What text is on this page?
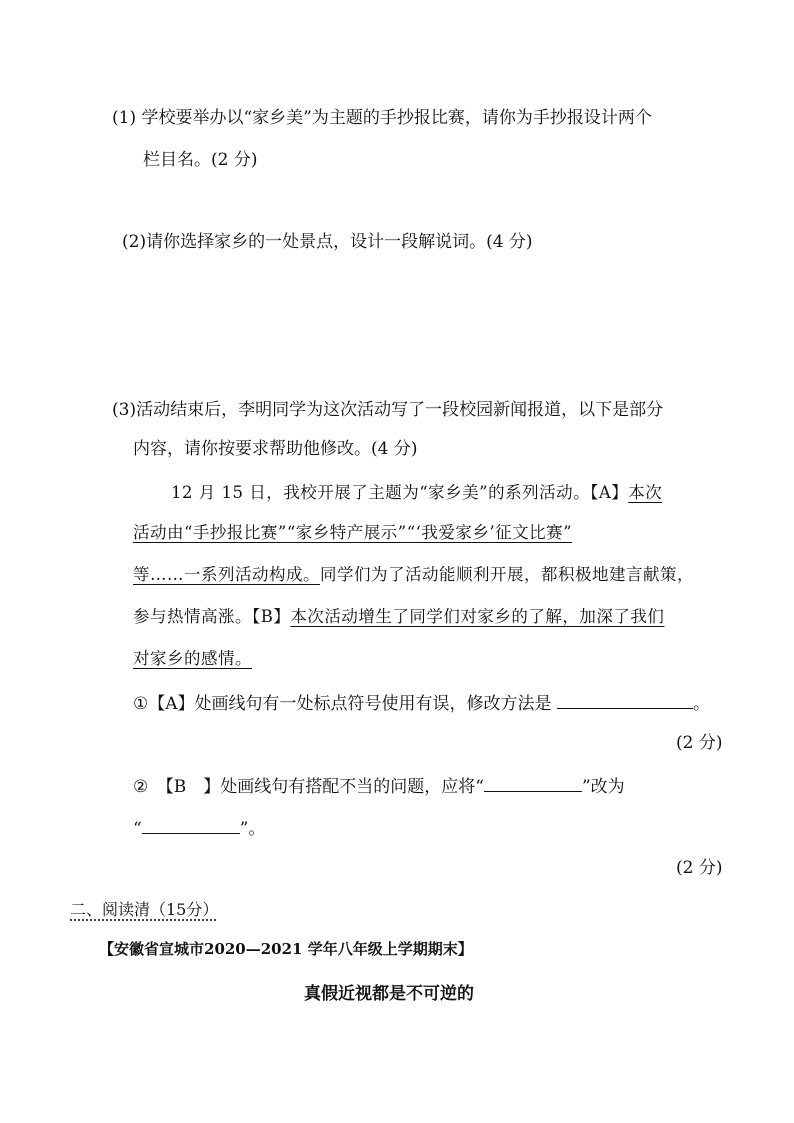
(1) 学校要举办以“家乡美”为主题的手抄报比赛，请你为手抄报设计两个
栏目名。(2 分)
(2)请你选择家乡的一处景点，设计一段解说词。(4 分)
(3)活动结束后，李明同学为这次活动写了一段校园新闻报道，以下是部分
内容，请你按要求帮助他修改。(4 分)
12 月 15 日，我校开展了主题为“家乡美”的系列活动。【A】本次
活动由“手抄报比赛”“家乡特产展示”“‘我爱家乡’征文比赛”
等……一系列活动构成。同学们为了活动能顺利开展，都积极地建言献策，
参与热情高涨。【B】本次活动增生了同学们对家乡的了解，加深了我们
对家乡的感情。
①【A】处画线句有一处标点符号使用有误，修改方法是	。
(2 分)
②　【B　】处画线句有搭配不当的问题，应将“	”改为
“	”。
(2 分)
二、阅读清（15分）
【安徽省宣城市2020—2021 学年八年级上学期期末】
真假近视都是不可逆的
